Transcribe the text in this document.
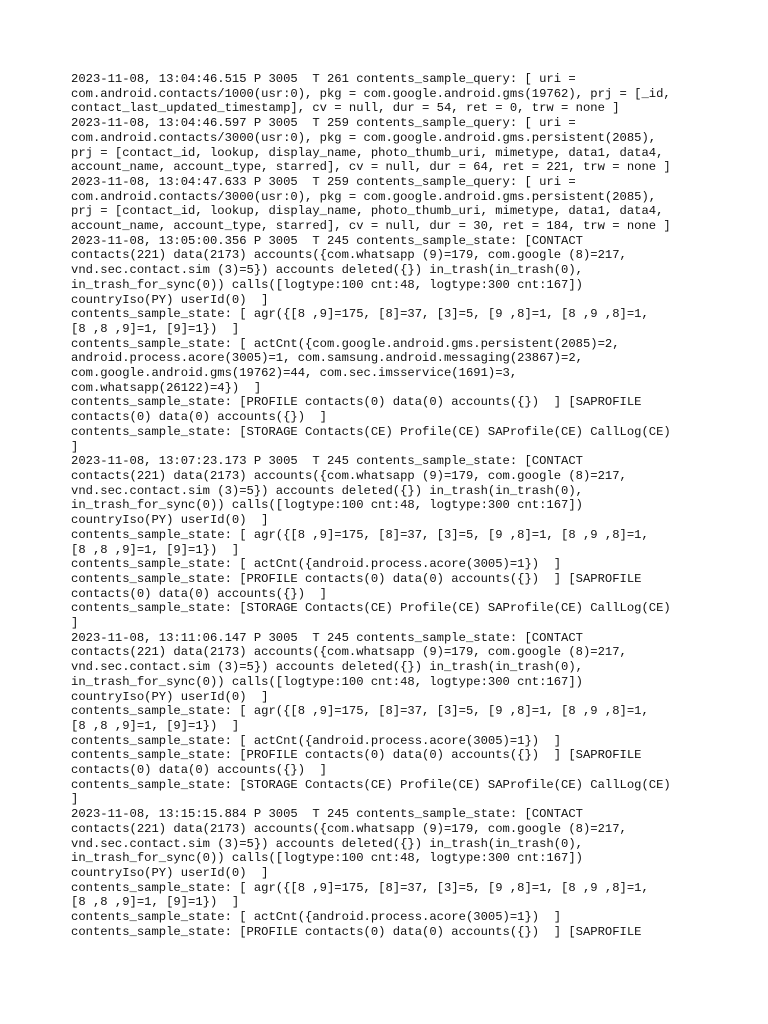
2023-11-08, 13:04:46.515 P 3005  T 261 contents_sample_query: [ uri =
com.android.contacts/1000(usr:0), pkg = com.google.android.gms(19762), prj = [_id,
contact_last_updated_timestamp], cv = null, dur = 54, ret = 0, trw = none ]
2023-11-08, 13:04:46.597 P 3005  T 259 contents_sample_query: [ uri =
com.android.contacts/3000(usr:0), pkg = com.google.android.gms.persistent(2085),
prj = [contact_id, lookup, display_name, photo_thumb_uri, mimetype, data1, data4,
account_name, account_type, starred], cv = null, dur = 64, ret = 221, trw = none ]
2023-11-08, 13:04:47.633 P 3005  T 259 contents_sample_query: [ uri =
com.android.contacts/3000(usr:0), pkg = com.google.android.gms.persistent(2085),
prj = [contact_id, lookup, display_name, photo_thumb_uri, mimetype, data1, data4,
account_name, account_type, starred], cv = null, dur = 30, ret = 184, trw = none ]
2023-11-08, 13:05:00.356 P 3005  T 245 contents_sample_state: [CONTACT
contacts(221) data(2173) accounts({com.whatsapp (9)=179, com.google (8)=217,
vnd.sec.contact.sim (3)=5}) accounts deleted({}) in_trash(in_trash(0),
in_trash_for_sync(0)) calls([logtype:100 cnt:48, logtype:300 cnt:167])
countryIso(PY) userId(0)  ]
contents_sample_state: [ agr({[8 ,9]=175, [8]=37, [3]=5, [9 ,8]=1, [8 ,9 ,8]=1,
[8 ,8 ,9]=1, [9]=1})  ]
contents_sample_state: [ actCnt({com.google.android.gms.persistent(2085)=2,
android.process.acore(3005)=1, com.samsung.android.messaging(23867)=2,
com.google.android.gms(19762)=44, com.sec.imsservice(1691)=3,
com.whatsapp(26122)=4})  ]
contents_sample_state: [PROFILE contacts(0) data(0) accounts({})  ] [SAPROFILE
contacts(0) data(0) accounts({})  ]
contents_sample_state: [STORAGE Contacts(CE) Profile(CE) SAProfile(CE) CallLog(CE)
]
2023-11-08, 13:07:23.173 P 3005  T 245 contents_sample_state: [CONTACT
contacts(221) data(2173) accounts({com.whatsapp (9)=179, com.google (8)=217,
vnd.sec.contact.sim (3)=5}) accounts deleted({}) in_trash(in_trash(0),
in_trash_for_sync(0)) calls([logtype:100 cnt:48, logtype:300 cnt:167])
countryIso(PY) userId(0)  ]
contents_sample_state: [ agr({[8 ,9]=175, [8]=37, [3]=5, [9 ,8]=1, [8 ,9 ,8]=1,
[8 ,8 ,9]=1, [9]=1})  ]
contents_sample_state: [ actCnt({android.process.acore(3005)=1})  ]
contents_sample_state: [PROFILE contacts(0) data(0) accounts({})  ] [SAPROFILE
contacts(0) data(0) accounts({})  ]
contents_sample_state: [STORAGE Contacts(CE) Profile(CE) SAProfile(CE) CallLog(CE)
]
2023-11-08, 13:11:06.147 P 3005  T 245 contents_sample_state: [CONTACT
contacts(221) data(2173) accounts({com.whatsapp (9)=179, com.google (8)=217,
vnd.sec.contact.sim (3)=5}) accounts deleted({}) in_trash(in_trash(0),
in_trash_for_sync(0)) calls([logtype:100 cnt:48, logtype:300 cnt:167])
countryIso(PY) userId(0)  ]
contents_sample_state: [ agr({[8 ,9]=175, [8]=37, [3]=5, [9 ,8]=1, [8 ,9 ,8]=1,
[8 ,8 ,9]=1, [9]=1})  ]
contents_sample_state: [ actCnt({android.process.acore(3005)=1})  ]
contents_sample_state: [PROFILE contacts(0) data(0) accounts({})  ] [SAPROFILE
contacts(0) data(0) accounts({})  ]
contents_sample_state: [STORAGE Contacts(CE) Profile(CE) SAProfile(CE) CallLog(CE)
]
2023-11-08, 13:15:15.884 P 3005  T 245 contents_sample_state: [CONTACT
contacts(221) data(2173) accounts({com.whatsapp (9)=179, com.google (8)=217,
vnd.sec.contact.sim (3)=5}) accounts deleted({}) in_trash(in_trash(0),
in_trash_for_sync(0)) calls([logtype:100 cnt:48, logtype:300 cnt:167])
countryIso(PY) userId(0)  ]
contents_sample_state: [ agr({[8 ,9]=175, [8]=37, [3]=5, [9 ,8]=1, [8 ,9 ,8]=1,
[8 ,8 ,9]=1, [9]=1})  ]
contents_sample_state: [ actCnt({android.process.acore(3005)=1})  ]
contents_sample_state: [PROFILE contacts(0) data(0) accounts({})  ] [SAPROFILE
